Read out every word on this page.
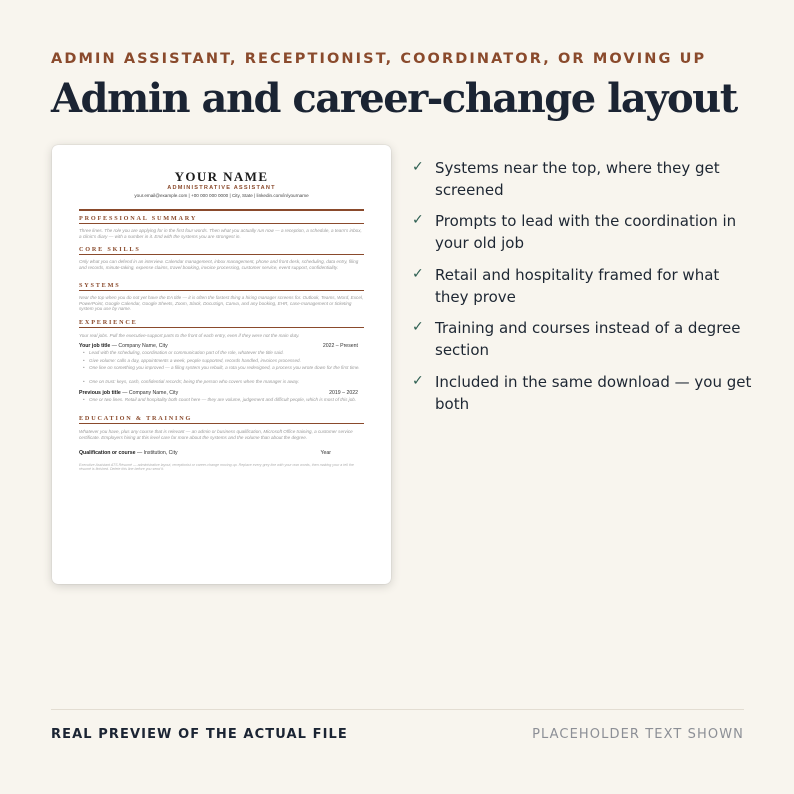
ADMIN ASSISTANT, RECEPTIONIST, COORDINATOR, OR MOVING UP
Admin and career-change layout
YOUR NAME
ADMINISTRATIVE ASSISTANT
your.email@example.com | +00 000 000 0000 | City, State | linkedin.com/in/yourname
PROFESSIONAL SUMMARY
Three lines. The role you are applying for in the first four words. Then what you actually run now — a reception, a schedule, a team's inbox, a clinic's diary — with a number in it. End with the systems you are strongest in.
CORE SKILLS
Only what you can defend in an interview. Calendar management, inbox management, phone and front desk, scheduling, data entry, filing and records, minute-taking, expense claims, travel booking, invoice processing, customer service, event support, confidentiality.
SYSTEMS
Near the top when you do not yet have the EA title — it is often the fastest thing a hiring manager screens for. Outlook, Teams, Word, Excel, PowerPoint, Google Calendar, Google Sheets, Zoom, Slack, DocuSign, Canva, and any booking, EHR, case-management or ticketing system you use by name.
EXPERIENCE
Your real jobs. Pull the executive-support parts to the front of each entry, even if they were not the main duty.
Your job title — Company Name, City	2022 – Present
• Lead with the scheduling, coordination or communication part of the role, whatever the title said.
• Give volume: calls a day, appointments a week, people supported, records handled, invoices processed.
• One line on something you improved — a filing system you rebuilt, a rota you redesigned, a process you wrote down for the first time.
• One on trust: keys, cash, confidential records; being the person who covers when the manager is away.
Previous job title — Company Name, City	2019 – 2022
• One or two lines. Retail and hospitality both count here — they are volume, judgement and difficult people, which is most of this job.
EDUCATION & TRAINING
Whatever you have, plus any course that is relevant — an admin or business qualification, Microsoft Office training, a customer service certificate. Employers hiring at this level care far more about the systems and the volume than about the degree.
Qualification or course — Institution, City	Year
Executive Assistant ATS Résumé — administrative layout, receptionist or career-change moving up. Replace every grey line with your own words, then making your a tell the résumé is finished. Delete this line before you send it.
✓ Systems near the top, where they get screened
✓ Prompts to lead with the coordination in your old job
✓ Retail and hospitality framed for what they prove
✓ Training and courses instead of a degree section
✓ Included in the same download — you get both
REAL PREVIEW OF THE ACTUAL FILE	PLACEHOLDER TEXT SHOWN
